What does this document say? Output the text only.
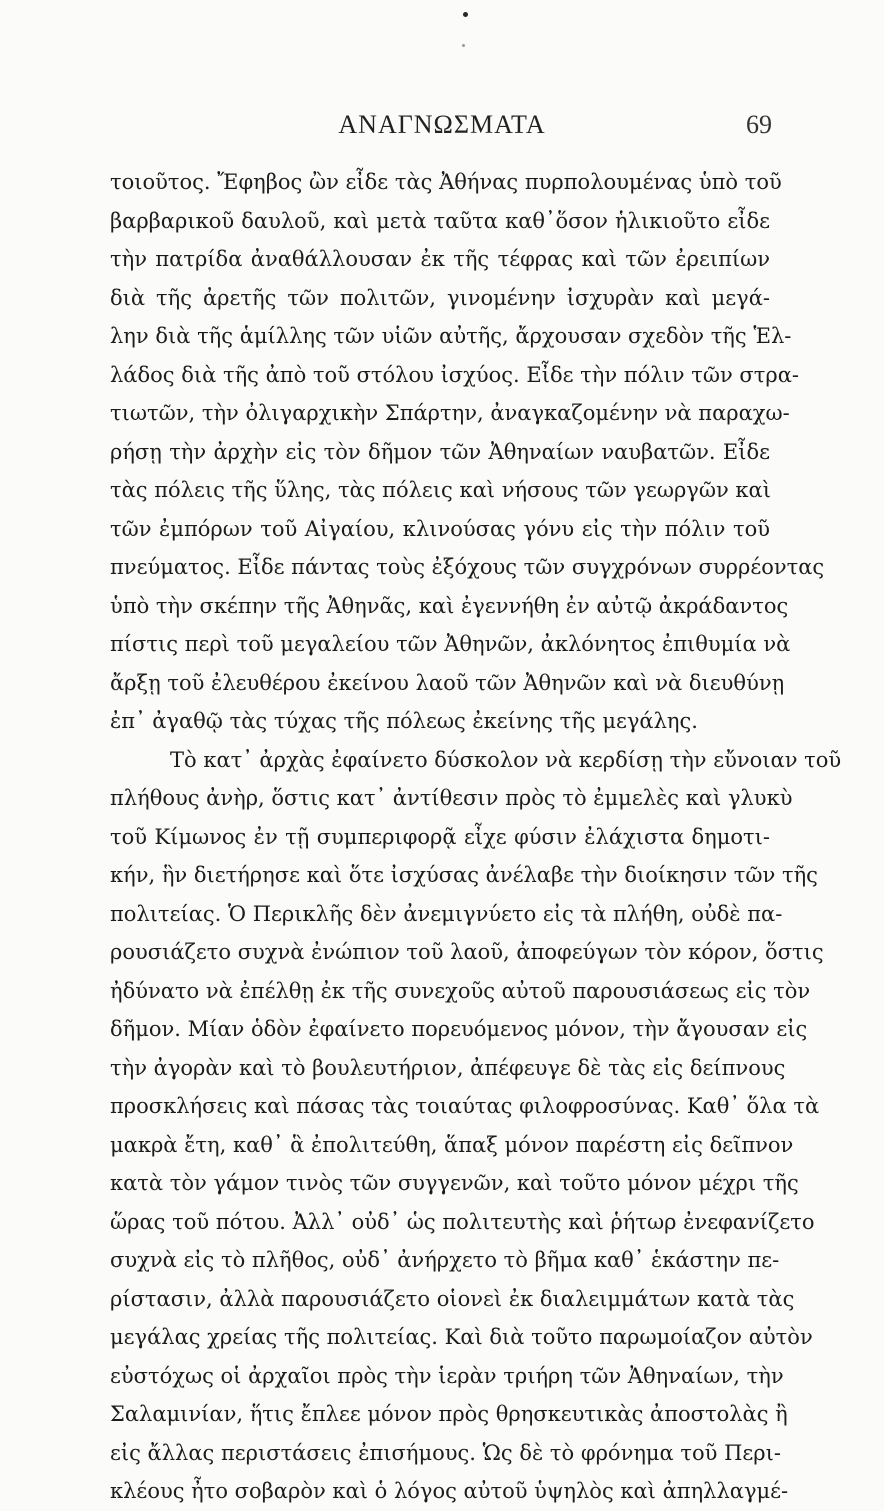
ΑΝΑΓΝΩΣΜΑΤΑ	69
τοιοῦτος. Ἔφηβος ὢν εἶδε τὰς Ἀθήνας πυρπολουμένας ὑπὸ τοῦ
βαρβαρικοῦ δαυλοῦ, καὶ μετὰ ταῦτα καθ᾽ὅσον ἡλικιοῦτο εἶδε
τὴν πατρίδα ἀναθάλλουσαν ἐκ τῆς τέφρας καὶ τῶν ἐρειπίων
διὰ τῆς ἀρετῆς τῶν πολιτῶν, γινομένην ἰσχυρὰν καὶ μεγά-
λην διὰ τῆς ἁμίλλης τῶν υἱῶν αὐτῆς, ἄρχουσαν σχεδὸν τῆς Ἑλ-
λάδος διὰ τῆς ἀπὸ τοῦ στόλου ἰσχύος. Εἶδε τὴν πόλιν τῶν στρα-
τιωτῶν, τὴν ὀλιγαρχικὴν Σπάρτην, ἀναγκαζομένην νὰ παραχω-
ρήσῃ τὴν ἀρχὴν εἰς τὸν δῆμον τῶν Ἀθηναίων ναυβατῶν. Εἶδε
τὰς πόλεις τῆς ὕλης, τὰς πόλεις καὶ νήσους τῶν γεωργῶν καὶ
τῶν ἐμπόρων τοῦ Αἰγαίου, κλινούσας γόνυ εἰς τὴν πόλιν τοῦ
πνεύματος. Εἶδε πάντας τοὺς ἐξόχους τῶν συγχρόνων συρρέοντας
ὑπὸ τὴν σκέπην τῆς Ἀθηνᾶς, καὶ ἐγεννήθη ἐν αὐτῷ ἀκράδαντος
πίστις περὶ τοῦ μεγαλείου τῶν Ἀθηνῶν, ἀκλόνητος ἐπιθυμία νὰ
ἄρξῃ τοῦ ἐλευθέρου ἐκείνου λαοῦ τῶν Ἀθηνῶν καὶ νὰ διευθύνῃ
ἐπ᾽ ἀγαθῷ τὰς τύχας τῆς πόλεως ἐκείνης τῆς μεγάλης.
Τὸ κατ᾽ ἀρχὰς ἐφαίνετο δύσκολον νὰ κερδίσῃ τὴν εὔνοιαν τοῦ
πλήθους ἀνὴρ, ὅστις κατ᾽ ἀντίθεσιν πρὸς τὸ ἐμμελὲς καὶ γλυκὺ
τοῦ Κίμωνος ἐν τῇ συμπεριφορᾷ εἶχε φύσιν ἐλάχιστα δημοτι-
κήν, ἣν διετήρησε καὶ ὅτε ἰσχύσας ἀνέλαβε τὴν διοίκησιν τῶν τῆς
πολιτείας. Ὁ Περικλῆς δὲν ἀνεμιγνύετο εἰς τὰ πλήθη, οὐδὲ πα-
ρουσιάζετο συχνὰ ἐνώπιον τοῦ λαοῦ, ἀποφεύγων τὸν κόρον, ὅστις
ἠδύνατο νὰ ἐπέλθῃ ἐκ τῆς συνεχοῦς αὐτοῦ παρουσιάσεως εἰς τὸν
δῆμον. Μίαν ὁδὸν ἐφαίνετο πορευόμενος μόνον, τὴν ἄγουσαν εἰς
τὴν ἀγορὰν καὶ τὸ βουλευτήριον, ἀπέφευγε δὲ τὰς εἰς δείπνους
προσκλήσεις καὶ πάσας τὰς τοιαύτας φιλοφροσύνας. Καθ᾽ ὅλα τὰ
μακρὰ ἔτη, καθ᾽ ἃ ἐπολιτεύθη, ἅπαξ μόνον παρέστη εἰς δεῖπνον
κατὰ τὸν γάμον τινὸς τῶν συγγενῶν, καὶ τοῦτο μόνον μέχρι τῆς
ὥρας τοῦ πότου. Ἀλλ᾽ οὐδ᾽ ὡς πολιτευτὴς καὶ ῥήτωρ ἐνεφανίζετο
συχνὰ εἰς τὸ πλῆθος, οὐδ᾽ ἀνήρχετο τὸ βῆμα καθ᾽ ἑκάστην πε-
ρίστασιν, ἀλλὰ παρουσιάζετο οἱονεὶ ἐκ διαλειμμάτων κατὰ τὰς
μεγάλας χρείας τῆς πολιτείας. Καὶ διὰ τοῦτο παρωμοίαζον αὐτὸν
εὐστόχως οἱ ἀρχαῖοι πρὸς τὴν ἱερὰν τριήρη τῶν Ἀθηναίων, τὴν
Σαλαμινίαν, ἥτις ἔπλεε μόνον πρὸς θρησκευτικὰς ἀποστολὰς ἢ
εἰς ἄλλας περιστάσεις ἐπισήμους. Ὡς δὲ τὸ φρόνημα τοῦ Περι-
κλέους ἦτο σοβαρὸν καὶ ὁ λόγος αὐτοῦ ὑψηλὸς καὶ ἀπηλλαγμέ-
